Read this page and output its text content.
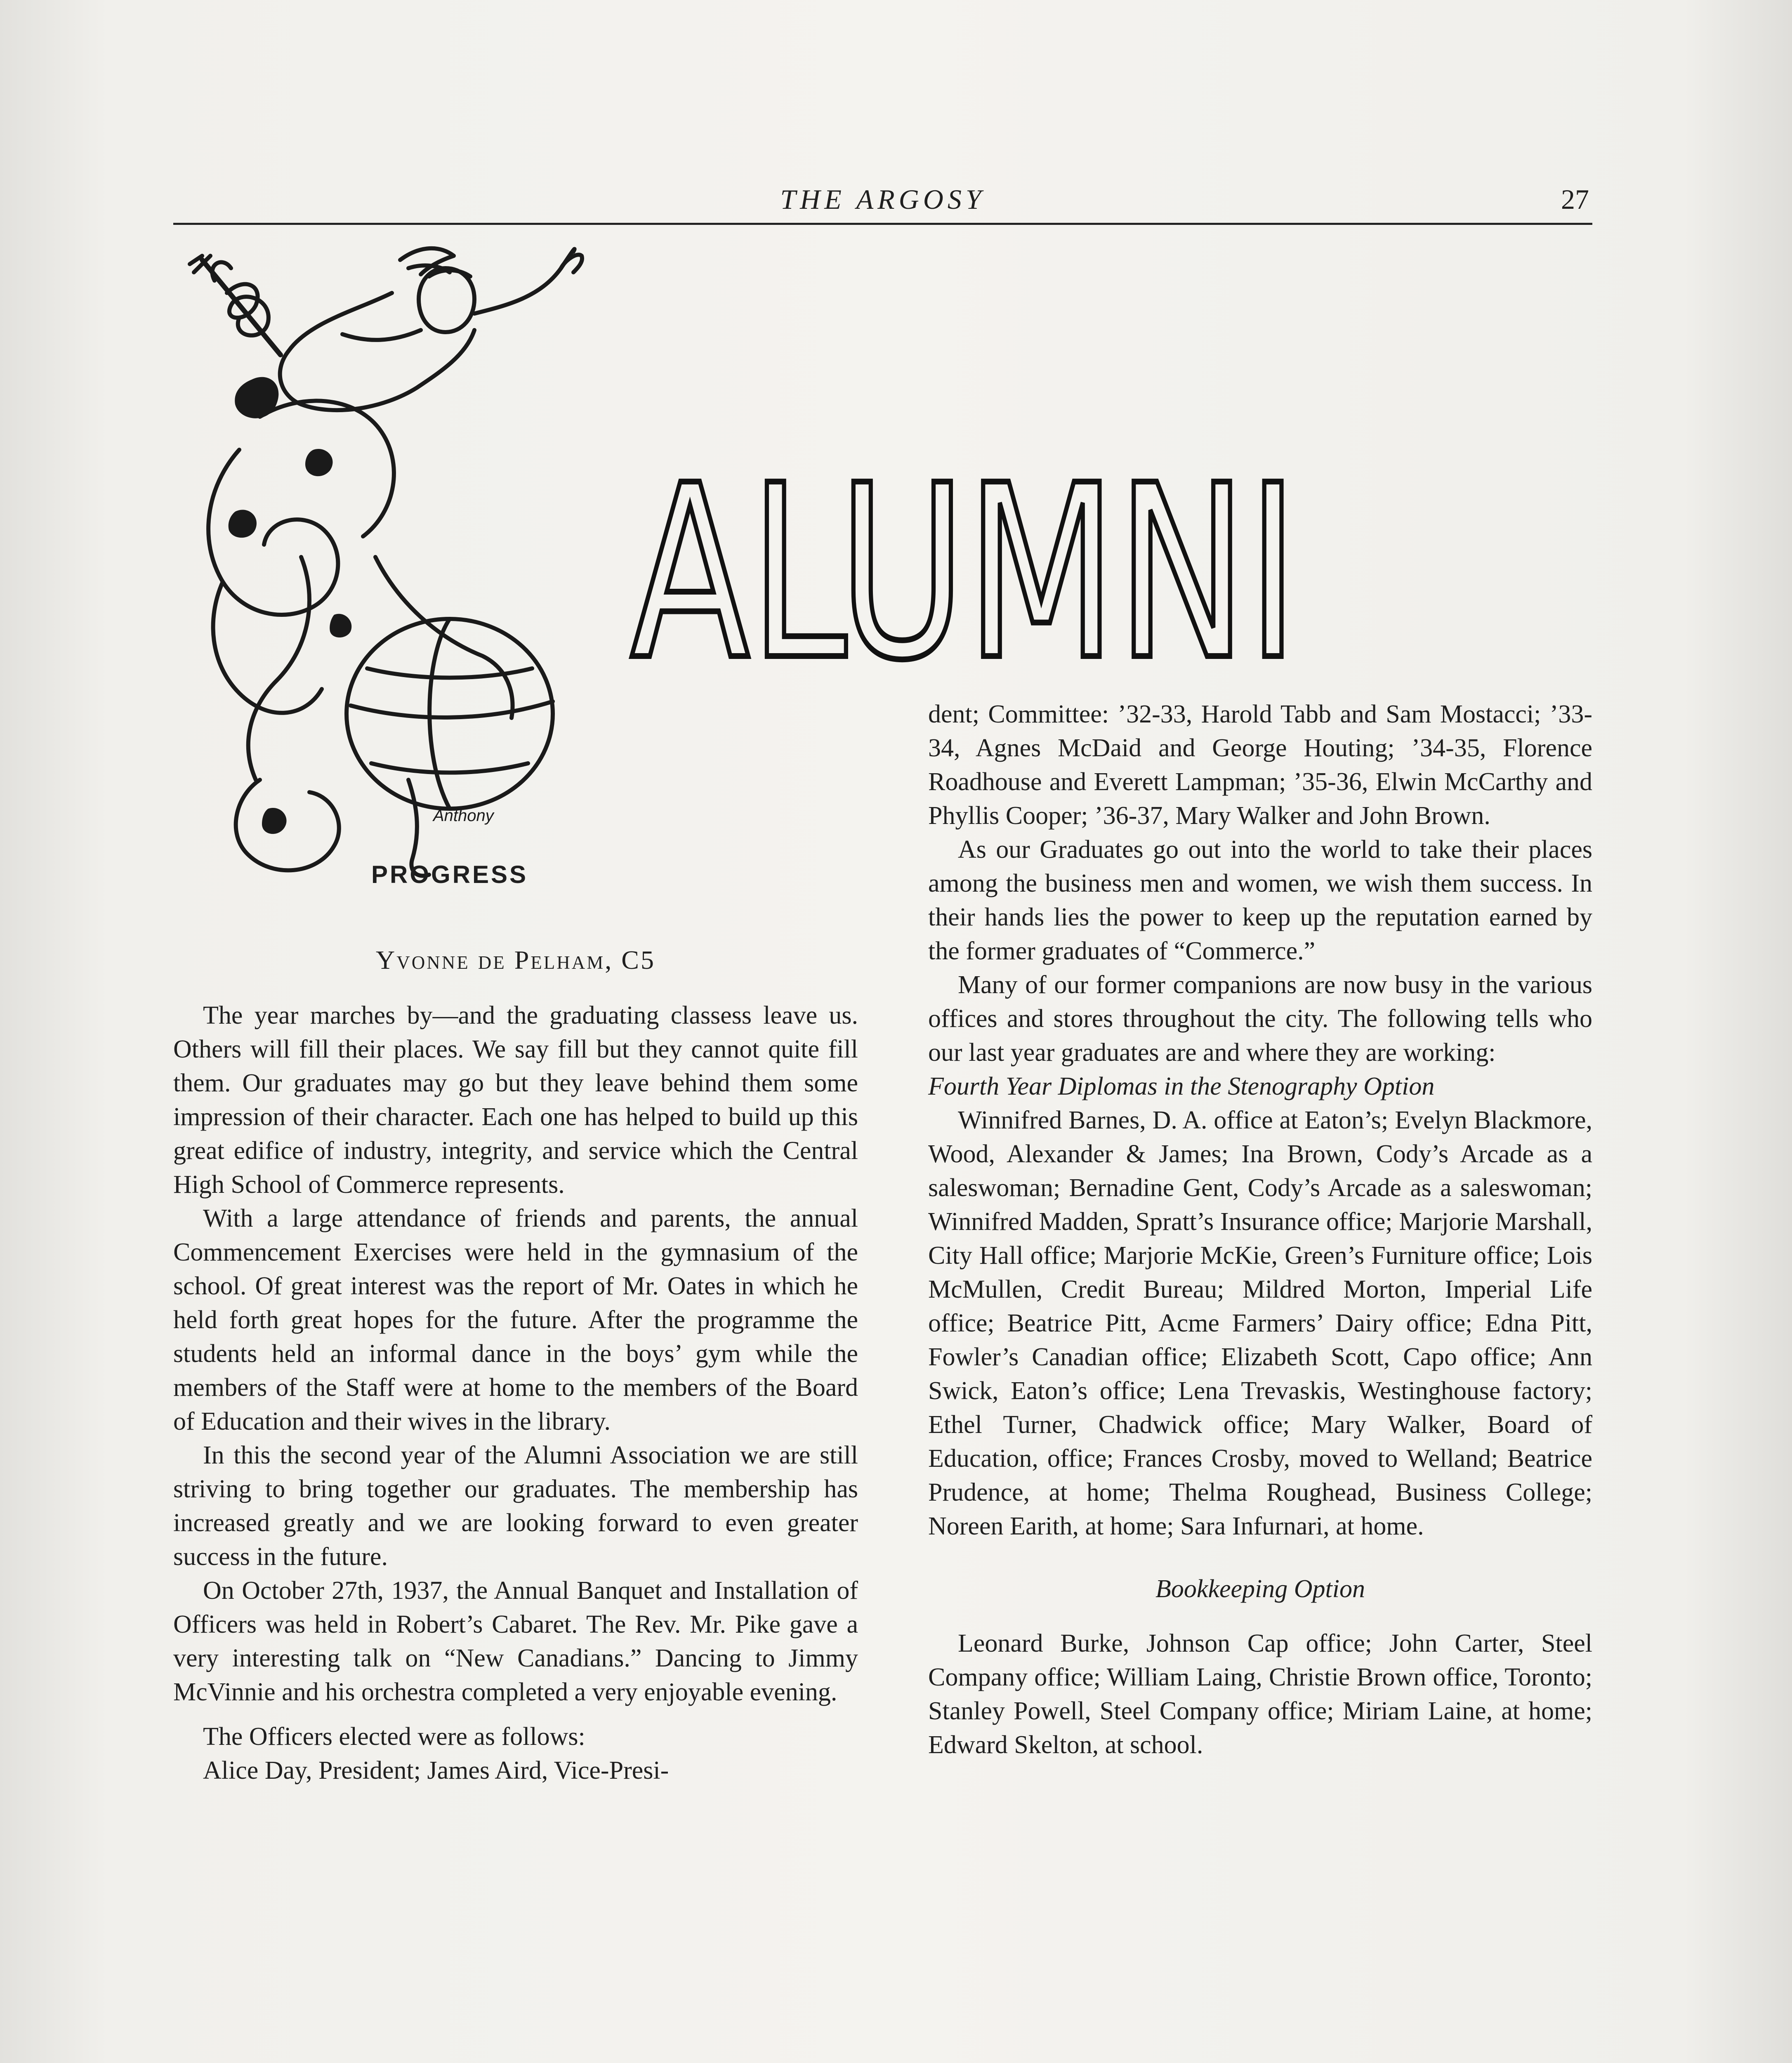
THE ARGOSY	27
Anthony
PROGRESS
ALUMNI
Yvonne de Pelham, C5

The year marches by—and the graduating classess leave us. Others will fill their places. We say fill but they cannot quite fill them. Our graduates may go but they leave behind them some impression of their character. Each one has helped to build up this great edifice of industry, integrity, and service which the Central High School of Commerce represents.

With a large attendance of friends and parents, the annual Commencement Exercises were held in the gymnasium of the school. Of great interest was the report of Mr. Oates in which he held forth great hopes for the future. After the programme the students held an informal dance in the boys’ gym while the members of the Staff were at home to the members of the Board of Education and their wives in the library.

In this the second year of the Alumni Association we are still striving to bring together our graduates. The membership has increased greatly and we are looking forward to even greater success in the future.

On October 27th, 1937, the Annual Banquet and Installation of Officers was held in Robert’s Cabaret. The Rev. Mr. Pike gave a very interesting talk on “New Canadians.” Dancing to Jimmy McVinnie and his orchestra completed a very enjoyable evening.

The Officers elected were as follows:

Alice Day, President; James Aird, Vice-Presi-

dent; Committee: ’32-33, Harold Tabb and Sam Mostacci; ’33-34, Agnes McDaid and George Houting; ’34-35, Florence Roadhouse and Everett Lampman; ’35-36, Elwin McCarthy and Phyllis Cooper; ’36-37, Mary Walker and John Brown.

As our Graduates go out into the world to take their places among the business men and women, we wish them success. In their hands lies the power to keep up the reputation earned by the former graduates of “Commerce.”

Many of our former companions are now busy in the various offices and stores throughout the city. The following tells who our last year graduates are and where they are working:

Fourth Year Diplomas in the Stenography Option

Winnifred Barnes, D. A. office at Eaton’s; Evelyn Blackmore, Wood, Alexander & James; Ina Brown, Cody’s Arcade as a saleswoman; Bernadine Gent, Cody’s Arcade as a saleswoman; Winnifred Madden, Spratt’s Insurance office; Marjorie Marshall, City Hall office; Marjorie McKie, Green’s Furniture office; Lois McMullen, Credit Bureau; Mildred Morton, Imperial Life office; Beatrice Pitt, Acme Farmers’ Dairy office; Edna Pitt, Fowler’s Canadian office; Elizabeth Scott, Capo office; Ann Swick, Eaton’s office; Lena Trevaskis, Westinghouse factory; Ethel Turner, Chadwick office; Mary Walker, Board of Education, office; Frances Crosby, moved to Welland; Beatrice Prudence, at home; Thelma Roughead, Business College; Noreen Earith, at home; Sara Infurnari, at home.

Bookkeeping Option

Leonard Burke, Johnson Cap office; John Carter, Steel Company office; William Laing, Christie Brown office, Toronto; Stanley Powell, Steel Company office; Miriam Laine, at home; Edward Skelton, at school.
